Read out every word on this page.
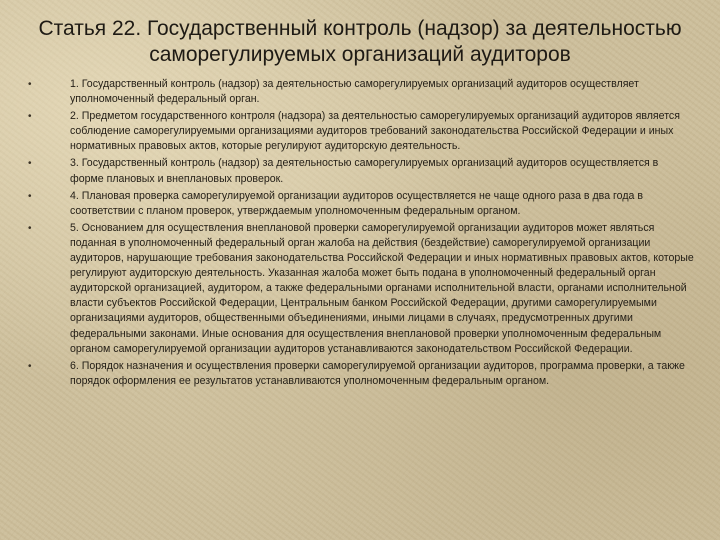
Статья 22. Государственный контроль (надзор) за деятельностью саморегулируемых организаций аудиторов
•	1. Государственный контроль (надзор) за деятельностью саморегулируемых организаций аудиторов осуществляет уполномоченный федеральный орган.
•	2. Предметом государственного контроля (надзора) за деятельностью саморегулируемых организаций аудиторов является соблюдение саморегулируемыми организациями аудиторов требований законодательства Российской Федерации и иных нормативных правовых актов, которые регулируют аудиторскую деятельность.
•	3. Государственный контроль (надзор) за деятельностью саморегулируемых организаций аудиторов осуществляется в форме плановых и внеплановых проверок.
•	4. Плановая проверка саморегулируемой организации аудиторов осуществляется не чаще одного раза в два года в соответствии с планом проверок, утверждаемым уполномоченным федеральным органом.
•	5. Основанием для осуществления внеплановой проверки саморегулируемой организации аудиторов может являться поданная в уполномоченный федеральный орган жалоба на действия (бездействие) саморегулируемой организации аудиторов, нарушающие требования законодательства Российской Федерации и иных нормативных правовых актов, которые регулируют аудиторскую деятельность. Указанная жалоба может быть подана в уполномоченный федеральный орган аудиторской организацией, аудитором, а также федеральными органами исполнительной власти, органами исполнительной власти субъектов Российской Федерации, Центральным банком Российской Федерации, другими саморегулируемыми организациями аудиторов, общественными объединениями, иными лицами в случаях, предусмотренных другими федеральными законами. Иные основания для осуществления внеплановой проверки уполномоченным федеральным органом саморегулируемой организации аудиторов устанавливаются законодательством Российской Федерации.
•	6. Порядок назначения и осуществления проверки саморегулируемой организации аудиторов, программа проверки, а также порядок оформления ее результатов устанавливаются уполномоченным федеральным органом.
